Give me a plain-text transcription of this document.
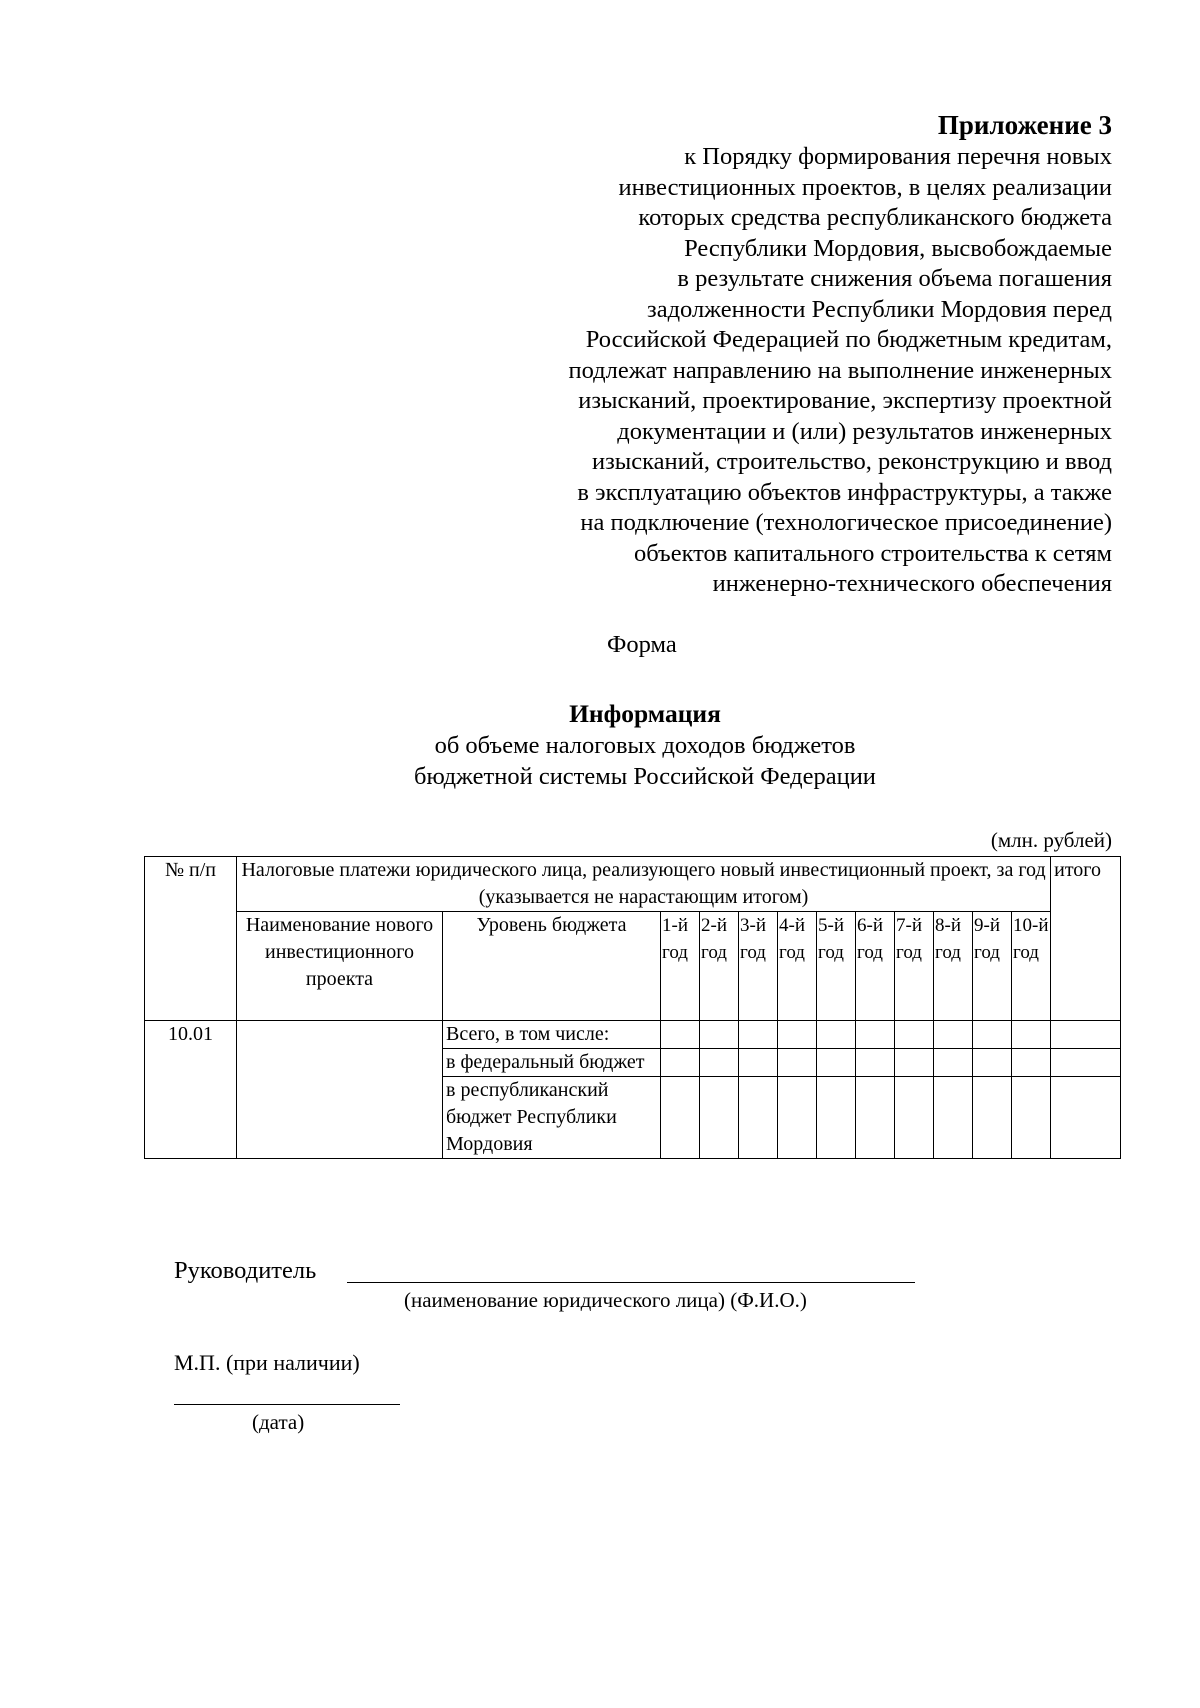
Приложение 3
к Порядку формирования перечня новых
инвестиционных проектов, в целях реализации
которых средства республиканского бюджета
Республики Мордовия, высвобождаемые
в результате снижения объема погашения
задолженности Республики Мордовия перед
Российской Федерацией по бюджетным кредитам,
подлежат направлению на выполнение инженерных
изысканий, проектирование, экспертизу проектной
документации и (или) результатов инженерных
изысканий, строительство, реконструкцию и ввод
в эксплуатацию объектов инфраструктуры, а также
на подключение (технологическое присоединение)
объектов капитального строительства к сетям
инженерно-технического обеспечения
Форма
Информация
об объеме налоговых доходов бюджетов
бюджетной системы Российской Федерации
(млн. рублей)
№ п/п	Налоговые платежи юридического лица, реализующего новый инвестиционный проект, за год (указывается не нарастающим итогом)												итого
	Наименование нового инвестиционного проекта	Уровень бюджета	1-й год	2-й год	3-й год	4-й год	5-й год	6-й год	7-й год	8-й год	9-й год	10-й год	
10.01		Всего, в том числе:											
		в федеральный бюджет											
		в республиканский бюджет Республики Мордовия											
Руководитель
(наименование юридического лица) (Ф.И.О.)
М.П. (при наличии)
(дата)
